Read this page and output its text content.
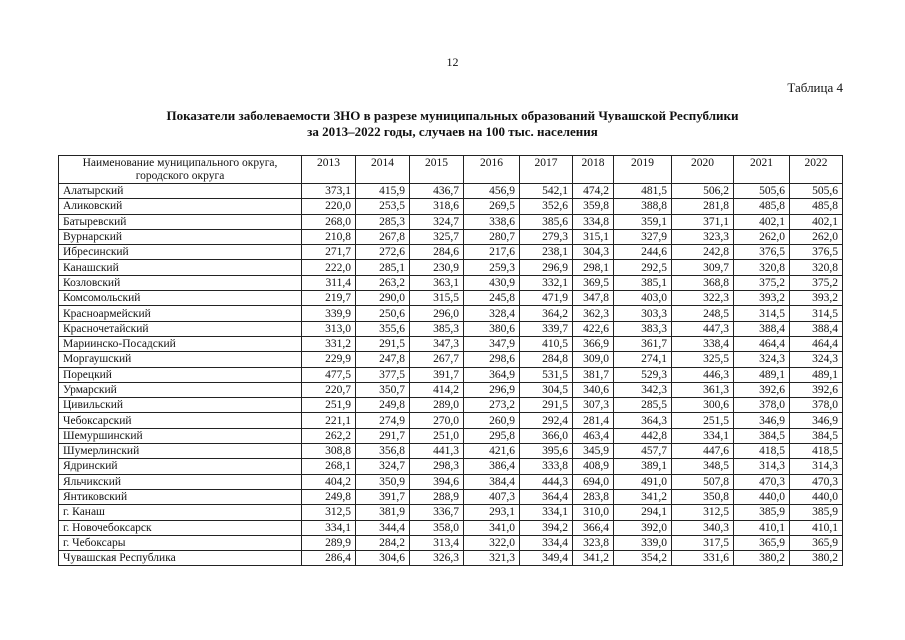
12
Таблица 4
Показатели заболеваемости ЗНО в разрезе муниципальных образований Чувашской Республики
за 2013–2022 годы, случаев на 100 тыс. населения
Наименование муниципального округа,
городского округа	2013	2014	2015	2016	2017	2018	2019	2020	2021	2022
Алатырский	373,1	415,9	436,7	456,9	542,1	474,2	481,5	506,2	505,6	505,6
Аликовский	220,0	253,5	318,6	269,5	352,6	359,8	388,8	281,8	485,8	485,8
Батыревский	268,0	285,3	324,7	338,6	385,6	334,8	359,1	371,1	402,1	402,1
Вурнарский	210,8	267,8	325,7	280,7	279,3	315,1	327,9	323,3	262,0	262,0
Ибресинский	271,7	272,6	284,6	217,6	238,1	304,3	244,6	242,8	376,5	376,5
Канашский	222,0	285,1	230,9	259,3	296,9	298,1	292,5	309,7	320,8	320,8
Козловский	311,4	263,2	363,1	430,9	332,1	369,5	385,1	368,8	375,2	375,2
Комсомольский	219,7	290,0	315,5	245,8	471,9	347,8	403,0	322,3	393,2	393,2
Красноармейский	339,9	250,6	296,0	328,4	364,2	362,3	303,3	248,5	314,5	314,5
Красночетайский	313,0	355,6	385,3	380,6	339,7	422,6	383,3	447,3	388,4	388,4
Мариинско-Посадский	331,2	291,5	347,3	347,9	410,5	366,9	361,7	338,4	464,4	464,4
Моргаушский	229,9	247,8	267,7	298,6	284,8	309,0	274,1	325,5	324,3	324,3
Порецкий	477,5	377,5	391,7	364,9	531,5	381,7	529,3	446,3	489,1	489,1
Урмарский	220,7	350,7	414,2	296,9	304,5	340,6	342,3	361,3	392,6	392,6
Цивильский	251,9	249,8	289,0	273,2	291,5	307,3	285,5	300,6	378,0	378,0
Чебоксарский	221,1	274,9	270,0	260,9	292,4	281,4	364,3	251,5	346,9	346,9
Шемуршинский	262,2	291,7	251,0	295,8	366,0	463,4	442,8	334,1	384,5	384,5
Шумерлинский	308,8	356,8	441,3	421,6	395,6	345,9	457,7	447,6	418,5	418,5
Ядринский	268,1	324,7	298,3	386,4	333,8	408,9	389,1	348,5	314,3	314,3
Яльчикский	404,2	350,9	394,6	384,4	444,3	694,0	491,0	507,8	470,3	470,3
Янтиковский	249,8	391,7	288,9	407,3	364,4	283,8	341,2	350,8	440,0	440,0
г. Канаш	312,5	381,9	336,7	293,1	334,1	310,0	294,1	312,5	385,9	385,9
г. Новочебоксарск	334,1	344,4	358,0	341,0	394,2	366,4	392,0	340,3	410,1	410,1
г. Чебоксары	289,9	284,2	313,4	322,0	334,4	323,8	339,0	317,5	365,9	365,9
Чувашская Республика	286,4	304,6	326,3	321,3	349,4	341,2	354,2	331,6	380,2	380,2
